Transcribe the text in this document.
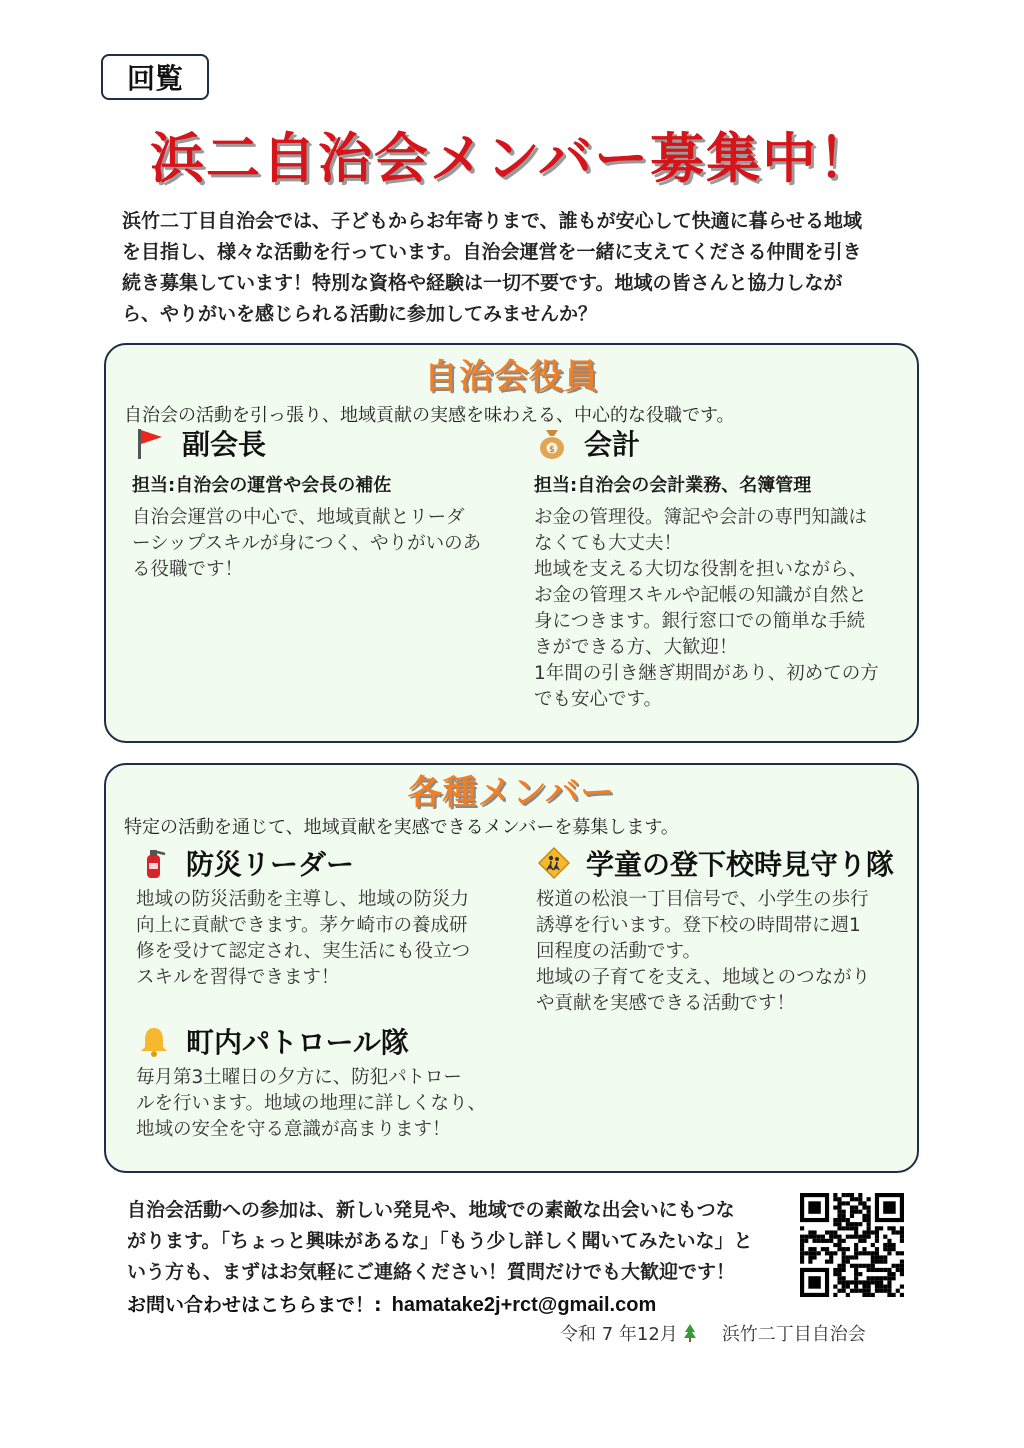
回覧
浜二自治会メンバー募集中！

浜竹二丁目自治会では、子どもからお年寄りまで、誰もが安心して快適に暮らせる地域

を目指し、様々な活動を行っています。自治会運営を一緒に支えてくださる仲間を引き

続き募集しています！特別な資格や経験は一切不要です。地域の皆さんと協力しなが

ら、やりがいを感じられる活動に参加してみませんか？

自治会役員
自治会の活動を引っ張り、地域貢献の実感を味わえる、中心的な役職です。
副会長
担当:自治会の運営や会長の補佐

自治会運営の中心で、地域貢献とリーダ

ーシップスキルが身につく、やりがいのあ

る役職です！

$ 会計
担当:自治会の会計業務、名簿管理

お金の管理役。簿記や会計の専門知識は

なくても大丈夫！

地域を支える大切な役割を担いながら、

お金の管理スキルや記帳の知識が自然と

身につきます。銀行窓口での簡単な手続

きができる方、大歓迎！

1年間の引き継ぎ期間があり、初めての方

でも安心です。

各種メンバー
特定の活動を通じて、地域貢献を実感できるメンバーを募集します。
防災リーダー

地域の防災活動を主導し、地域の防災力

向上に貢献できます。茅ケ崎市の養成研

修を受けて認定され、実生活にも役立つ

スキルを習得できます！

学童の登下校時見守り隊

桜道の松浪一丁目信号で、小学生の歩行

誘導を行います。登下校の時間帯に週1

回程度の活動です。

地域の子育てを支え、地域とのつながり

や貢献を実感できる活動です！

町内パトロール隊

毎月第3土曜日の夕方に、防犯パトロー

ルを行います。地域の地理に詳しくなり、

地域の安全を守る意識が高まります！

自治会活動への参加は、新しい発見や、地域での素敵な出会いにもつな

がります。「ちょっと興味があるな」「もう少し詳しく聞いてみたいな」と

いう方も、まずはお気軽にご連絡ください！質問だけでも大歓迎です！

お問い合わせはこちらまで！: hamatake2j+rct@gmail.com
令和 7 年12月 浜竹二丁目自治会
